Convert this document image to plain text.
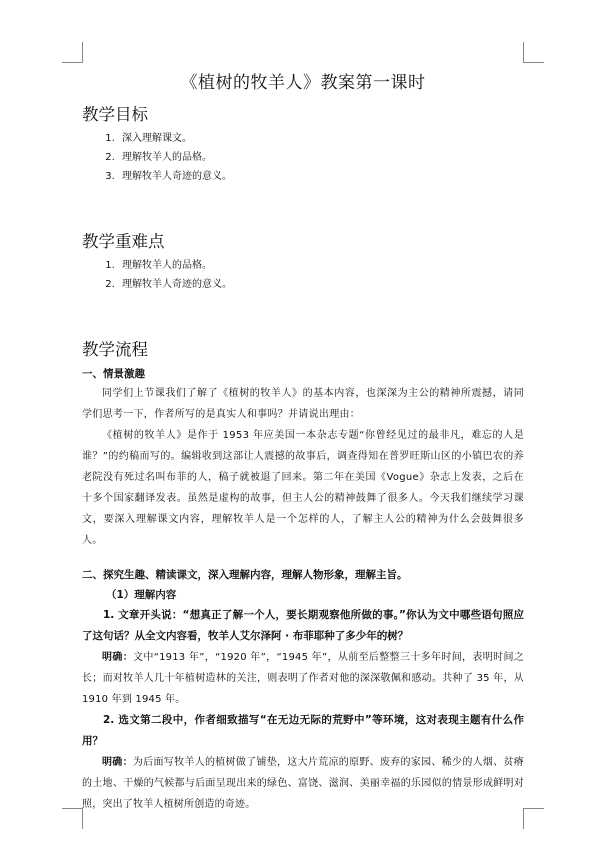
《植树的牧羊人》教案第一课时
教学目标
1. 深入理解课文。
2. 理解牧羊人的品格。
3. 理解牧羊人奇迹的意义。
教学重难点
1. 理解牧羊人的品格。
2. 理解牧羊人奇迹的意义。
教学流程
一、情景激趣

同学们上节课我们了解了《植树的牧羊人》的基本内容，也深深为主公的精神所震撼，请同学们思考一下，作者所写的是真实人和事吗？并请说出理由：

《植树的牧羊人》是作于 1953 年应美国一本杂志专题“你曾经见过的最非凡，难忘的人是谁？”的约稿而写的。编辑收到这部让人震撼的故事后，调查得知在普罗旺斯山区的小镇巴农的养老院没有死过名叫布菲的人，稿子就被退了回来。第二年在美国《Vogue》杂志上发表，之后在十多个国家翻译发表。虽然是虚构的故事，但主人公的精神鼓舞了很多人。今天我们继续学习课文，要深入理解课文内容，理解牧羊人是一个怎样的人，了解主人公的精神为什么会鼓舞很多人。

二、探究生趣、精读课文，深入理解内容，理解人物形象，理解主旨。
（1）理解内容

1. 文章开头说：“想真正了解一个人，要长期观察他所做的事。”你认为文中哪些语句照应了这句话？从全文内容看，牧羊人艾尔泽阿 · 布菲耶种了多少年的树？

明确：文中“1913 年”，“1920 年”，“1945 年”，从前至后整整三十多年时间，表明时间之长；而对牧羊人几十年植树造林的关注，则表明了作者对他的深深敬佩和感动。共种了 35 年，从 1910 年到 1945 年。

2. 选文第二段中，作者细致描写“在无边无际的荒野中”等环境，这对表现主题有什么作用？

明确：为后面写牧羊人的植树做了铺垫，这大片荒凉的原野、废弃的家园、稀少的人烟、贫瘠的土地、干燥的气候都与后面呈现出来的绿色、富饶、滋润、美丽幸福的乐园似的情景形成鲜明对照，突出了牧羊人植树所创造的奇迹。
